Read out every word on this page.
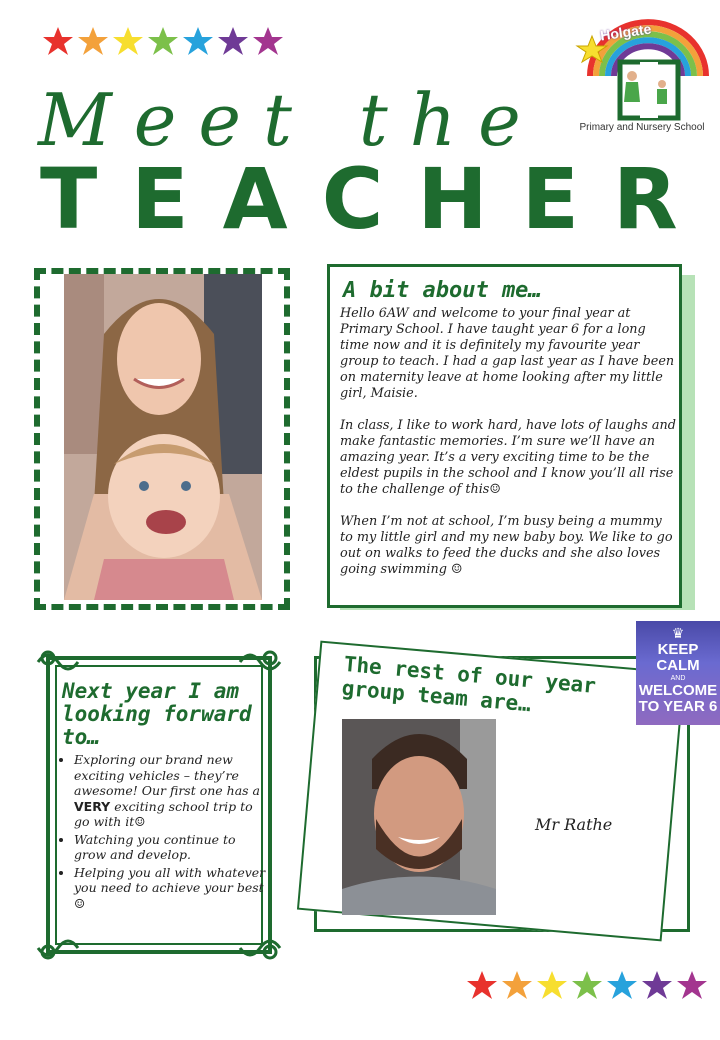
Meet the
TEACHER
Holgate
Primary and Nursery School
A bit about me…

Hello 6AW and welcome to your final year at Primary School. I have taught year 6 for a long time now and it is definitely my favourite year group to teach. I had a gap last year as I have been on maternity leave at home looking after my little girl, Maisie.

In class, I like to work hard, have lots of laughs and make fantastic memories. I’m sure we’ll have an amazing year. It’s a very exciting time to be the eldest pupils in the school and I know you’ll all rise to the challenge of this☺

When I’m not at school, I’m busy being a mummy to my little girl and my new baby boy. We like to go out on walks to feed the ducks and she also loves going swimming ☺

Next year I am looking forward to…
• Exploring our brand new exciting vehicles – they’re awesome! Our first one has a VERY exciting school trip to go with it☺
• Watching you continue to grow and develop.
• Helping you all with whatever you need to achieve your best☺
The rest of our year group team are…
Mr Rathe
♛
KEEP
CALM
AND
WELCOME
TO YEAR 6
